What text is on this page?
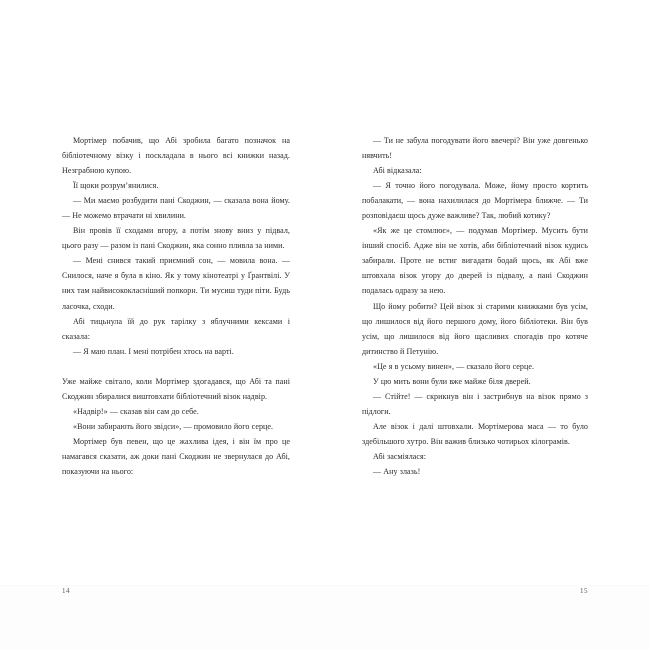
Мортімер побачив, що Абі зробила багато позначок на бібліотечному візку і поскладала в нього всі книжки назад. Незграбною купою.

Її щоки розрум’янилися.

— Ми маємо розбудити пані Скоджин, — сказала вона йому. — Не можемо втрачати ні хвилини.

Він провів її сходами вгору, а потім знову вниз у підвал, цього разу — разом із пані Скоджин, яка сонно пливла за ними.

— Мені снився такий приємний сон, — мовила вона. — Снилося, наче я була в кіно. Як у тому кінотеатрі у Ґрантвілі. У них там найвисококласніший попкорн. Ти мусиш туди піти. Будь ласочка, сходи.

Абі тицьнула їй до рук тарілку з яблучними кексами і сказала:

— Я маю план. І мені потрібен хтось на варті.

Уже майже світало, коли Мортімер здогадався, що Абі та пані Скоджин збиралися виштовхати бібліотечний візок надвір.

«Надвір!» — сказав він сам до себе.

«Вони забирають його звідси», — промовило його серце.

Мортімер був певен, що це жахлива ідея, і він їм про це намагався сказати, аж доки пані Скоджин не звернулася до Абі, показуючи на нього:

— Ти не забула погодувати його ввечері? Він уже довгенько нявчить!

Абі відказала:

— Я точно його погодувала. Може, йому просто кортить побалакати, — вона нахилилася до Мортімера ближче. — Ти розповідаєш щось дуже важливе? Так, любий котику?

«Як же це стомлює», — подумав Мортімер. Мусить бути інший спосіб. Адже він не хотів, аби бібліотечний візок кудись забирали. Проте не встиг вигадати бодай щось, як Абі вже штовхала візок угору до дверей із підвалу, а пані Скоджин подалась одразу за нею.

Що йому робити? Цей візок зі старими книжками був усім, що лишилося від його першого дому, його бібліотеки. Він був усім, що лишилося від його щасливих спогадів про котяче дитинство й Петунію.

«Це я в усьому винен», — сказало його серце.

У цю мить вони були вже майже біля дверей.

— Стійте! — скрикнув він і застрибнув на візок прямо з підлоги.

Але візок і далі штовхали. Мортімерова маса — то було здебільшого хутро. Він важив близько чотирьох кілограмів.

Абі засміялася:

— Ану злазь!

14	15
